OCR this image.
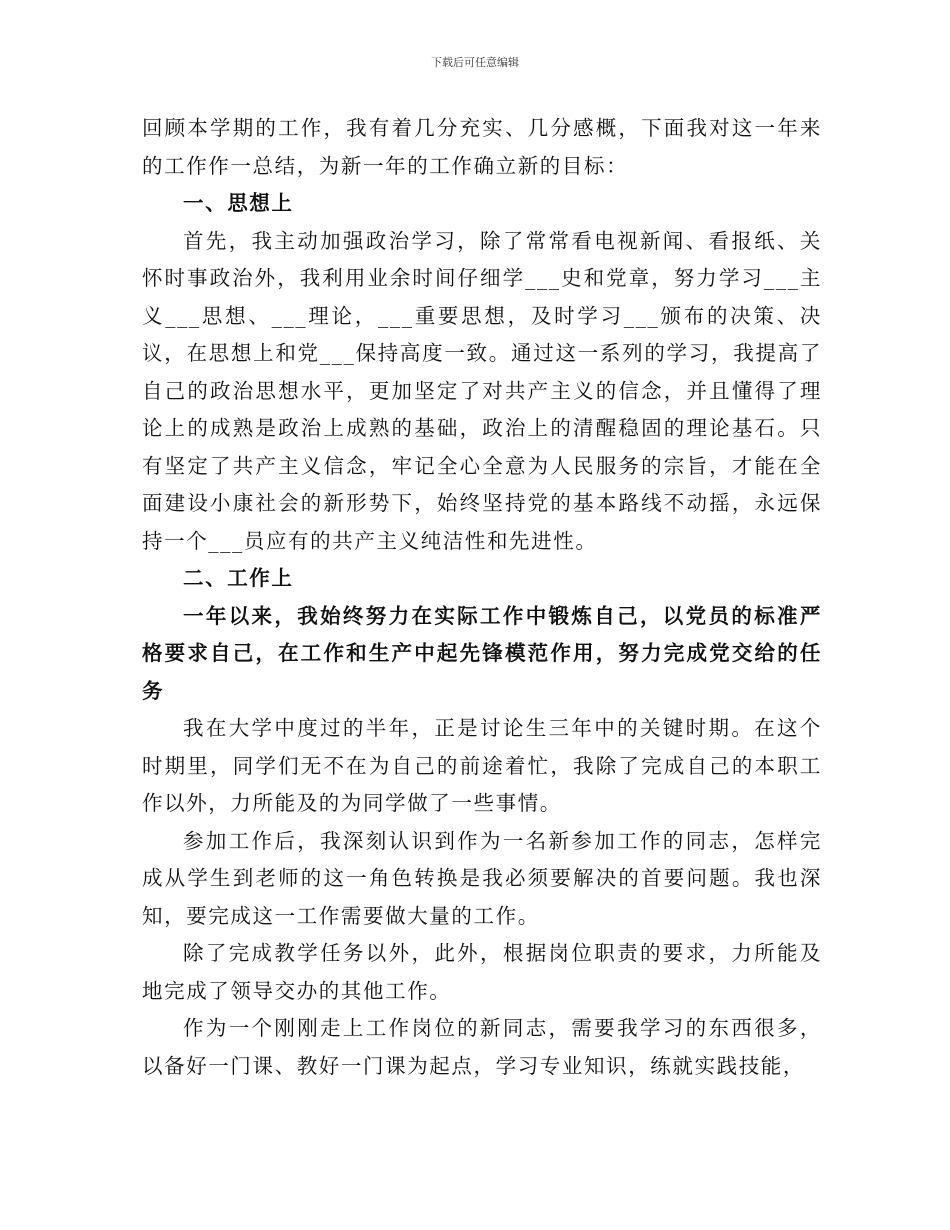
下载后可任意编辑

回顾本学期的工作，我有着几分充实、几分感概，下面我对这一年来的工作作一总结，为新一年的工作确立新的目标：

一、思想上

首先，我主动加强政治学习，除了常常看电视新闻、看报纸、关怀时事政治外，我利用业余时间仔细学___史和党章，努力学习___主义___思想、___理论，___重要思想，及时学习___颁布的决策、决议，在思想上和党___保持高度一致。通过这一系列的学习，我提高了自己的政治思想水平，更加坚定了对共产主义的信念，并且懂得了理论上的成熟是政治上成熟的基础，政治上的清醒稳固的理论基石。只有坚定了共产主义信念，牢记全心全意为人民服务的宗旨，才能在全面建设小康社会的新形势下，始终坚持党的基本路线不动摇，永远保持一个___员应有的共产主义纯洁性和先进性。

二、工作上

一年以来，我始终努力在实际工作中锻炼自己，以党员的标准严格要求自己，在工作和生产中起先锋模范作用，努力完成党交给的任务

我在大学中度过的半年，正是讨论生三年中的关键时期。在这个时期里，同学们无不在为自己的前途着忙，我除了完成自己的本职工作以外，力所能及的为同学做了一些事情。

参加工作后，我深刻认识到作为一名新参加工作的同志，怎样完成从学生到老师的这一角色转换是我必须要解决的首要问题。我也深知，要完成这一工作需要做大量的工作。

除了完成教学任务以外，此外，根据岗位职责的要求，力所能及地完成了领导交办的其他工作。

作为一个刚刚走上工作岗位的新同志，需要我学习的东西很多，以备好一门课、教好一门课为起点，学习专业知识，练就实践技能，
